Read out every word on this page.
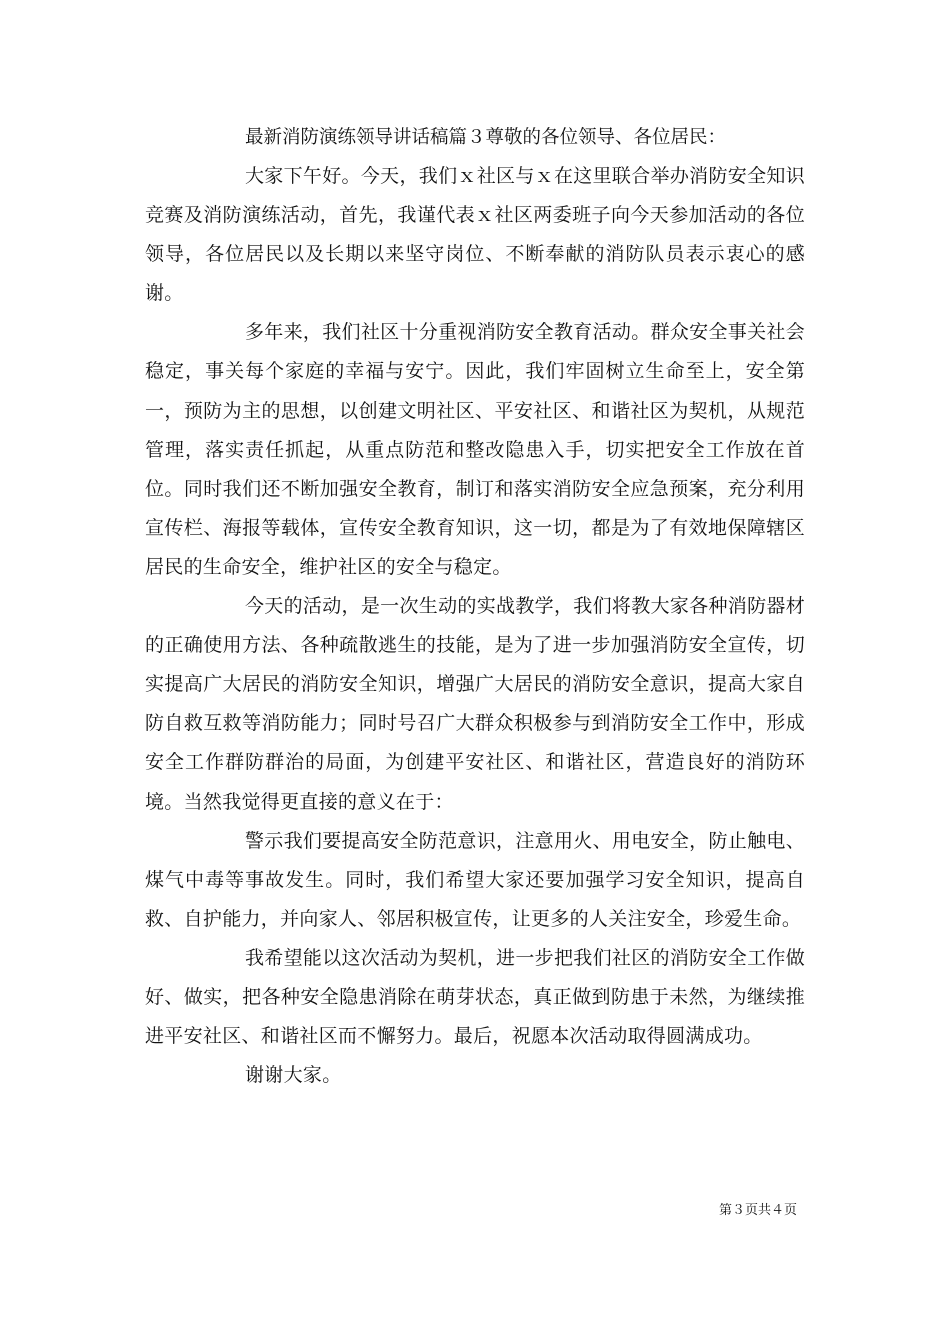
最新消防演练领导讲话稿篇３尊敬的各位领导、各位居民：

大家下午好。今天，我们ｘ社区与ｘ在这里联合举办消防安全知识竞赛及消防演练活动，首先，我谨代表ｘ社区两委班子向今天参加活动的各位领导，各位居民以及长期以来坚守岗位、不断奉献的消防队员表示衷心的感谢。

多年来，我们社区十分重视消防安全教育活动。群众安全事关社会稳定，事关每个家庭的幸福与安宁。因此，我们牢固树立生命至上，安全第一，预防为主的思想，以创建文明社区、平安社区、和谐社区为契机，从规范管理，落实责任抓起，从重点防范和整改隐患入手，切实把安全工作放在首位。同时我们还不断加强安全教育，制订和落实消防安全应急预案，充分利用宣传栏、海报等载体，宣传安全教育知识，这一切，都是为了有效地保障辖区居民的生命安全，维护社区的安全与稳定。

今天的活动，是一次生动的实战教学，我们将教大家各种消防器材的正确使用方法、各种疏散逃生的技能，是为了进一步加强消防安全宣传，切实提高广大居民的消防安全知识，增强广大居民的消防安全意识，提高大家自防自救互救等消防能力；同时号召广大群众积极参与到消防安全工作中，形成安全工作群防群治的局面，为创建平安社区、和谐社区，营造良好的消防环境。当然我觉得更直接的意义在于：

警示我们要提高安全防范意识，注意用火、用电安全，防止触电、煤气中毒等事故发生。同时，我们希望大家还要加强学习安全知识，提高自救、自护能力，并向家人、邻居积极宣传，让更多的人关注安全，珍爱生命。

我希望能以这次活动为契机，进一步把我们社区的消防安全工作做好、做实，把各种安全隐患消除在萌芽状态，真正做到防患于未然，为继续推进平安社区、和谐社区而不懈努力。最后，祝愿本次活动取得圆满成功。

谢谢大家。

第３页共４页
